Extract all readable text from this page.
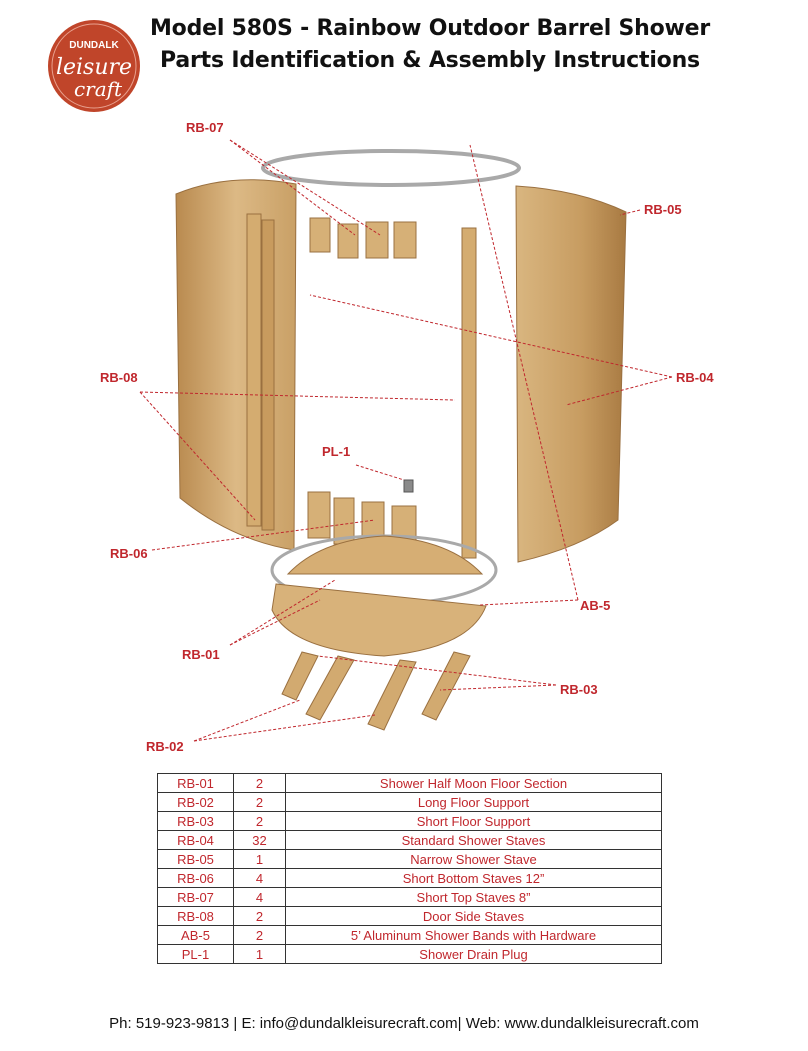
DUNDALK
leisure
craft
Model 580S - Rainbow Outdoor Barrel Shower
Parts Identification & Assembly Instructions
RB-07
RB-05
RB-08	RB-04
PL-1
RB-06
AB-5
RB-01
RB-03
RB-02
RB-01	2	Shower Half Moon Floor Section
RB-02	2	Long Floor Support
RB-03	2	Short Floor Support
RB-04	32	Standard Shower Staves
RB-05	1	Narrow Shower Stave
RB-06	4	Short Bottom Staves 12”
RB-07	4	Short Top Staves 8”
RB-08	2	Door Side Staves
AB-5	2	5’ Aluminum Shower Bands with Hardware
PL-1	1	Shower Drain Plug
Ph: 519-923-9813 | E: info@dundalkleisurecraft.com| Web: www.dundalkleisurecraft.com
